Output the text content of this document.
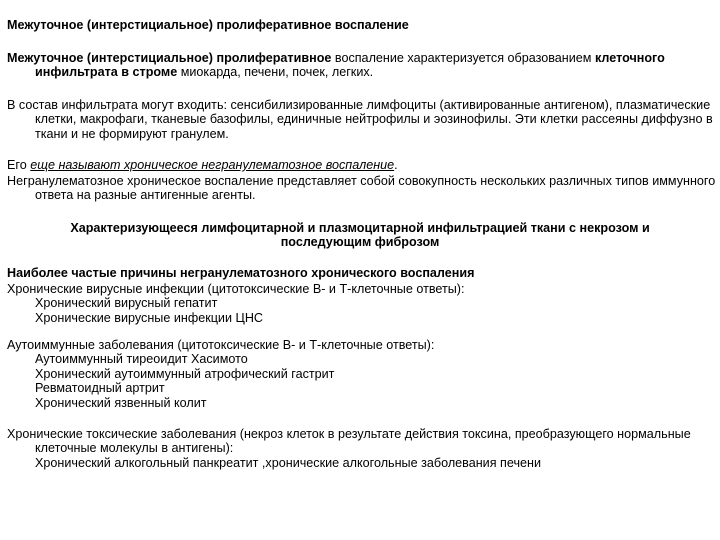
Межуточное (интерстициальное) пролиферативное воспаление

Межуточное (интерстициальное) пролиферативное воспаление характеризуется образованием клеточного инфильтрата в строме миокарда, печени, почек, легких.

В состав инфильтрата могут входить: сенсибилизированные лимфоциты (активированные антигеном), плазматические клетки, макрофаги, тканевые базофилы, единичные нейтрофилы и эозинофилы. Эти клетки рассеяны диффузно в ткани и не формируют гранулем.

Его еще называют хроническое негранулематозное воспаление.

Негранулематозное хроническое воспаление представляет собой совокупность нескольких различных типов иммунного ответа на разные антигенные агенты.

Характеризующееся лимфоцитарной и плазмоцитарной инфильтрацией ткани с некрозом и последующим фиброзом

Наиболее частые причины негранулематозного хронического воспаления

Хронические вирусные инфекции (цитотоксические В- и Т-клеточные ответы):

Хронический вирусный гепатит

Хронические вирусные инфекции ЦНС

Аутоиммунные заболевания (цитотоксические В- и Т-клеточные ответы):

Аутоиммунный тиреоидит Хасимото

Хронический аутоиммунный атрофический гастрит

Ревматоидный артрит

Хронический язвенный колит

Хронические токсические заболевания (некроз клеток в результате действия токсина, преобразующего нормальные клеточные молекулы в антигены):

Хронический алкогольный панкреатит ,хронические алкогольные заболевания печени
